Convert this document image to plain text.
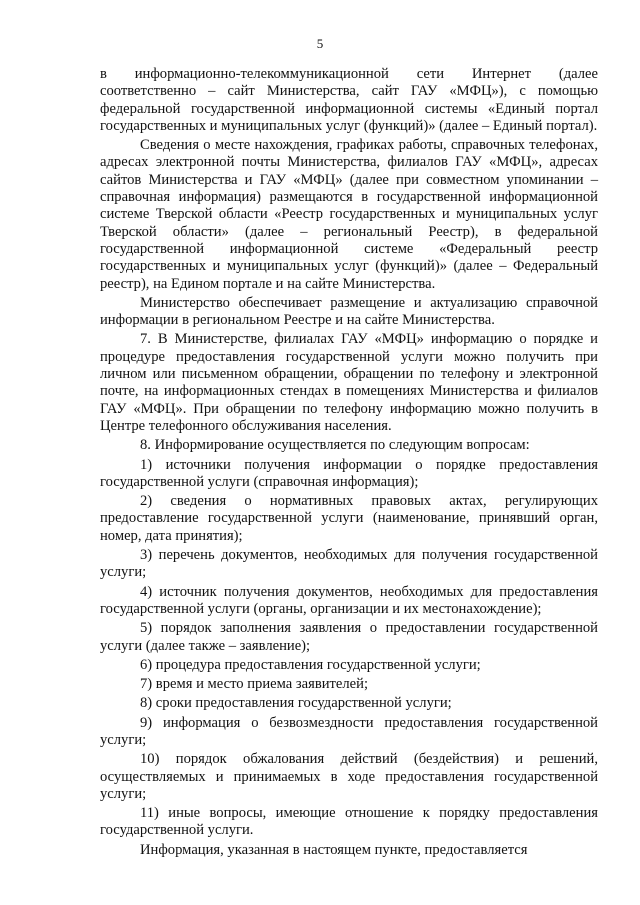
5

в информационно-телекоммуникационной сети Интернет (далее соответственно – сайт Министерства, сайт ГАУ «МФЦ»), с помощью федеральной государственной информационной системы «Единый портал государственных и муниципальных услуг (функций)» (далее – Единый портал).

Сведения о месте нахождения, графиках работы, справочных телефонах, адресах электронной почты Министерства, филиалов ГАУ «МФЦ», адресах сайтов Министерства и ГАУ «МФЦ» (далее при совместном упоминании – справочная информация) размещаются в государственной информационной системе Тверской области «Реестр государственных и муниципальных услуг Тверской области» (далее – региональный Реестр), в федеральной государственной информационной системе «Федеральный реестр государственных и муниципальных услуг (функций)» (далее – Федеральный реестр), на Едином портале и на сайте Министерства.

Министерство обеспечивает размещение и актуализацию справочной информации в региональном Реестре и на сайте Министерства.

7. В Министерстве, филиалах ГАУ «МФЦ» информацию о порядке и процедуре предоставления государственной услуги можно получить при личном или письменном обращении, обращении по телефону и электронной почте, на информационных стендах в помещениях Министерства и филиалов ГАУ «МФЦ». При обращении по телефону информацию можно получить в Центре телефонного обслуживания населения.

8. Информирование осуществляется по следующим вопросам:

1) источники получения информации о порядке предоставления государственной услуги (справочная информация);

2) сведения о нормативных правовых актах, регулирующих предоставление государственной услуги (наименование, принявший орган, номер, дата принятия);

3) перечень документов, необходимых для получения государственной услуги;

4) источник получения документов, необходимых для предоставления государственной услуги (органы, организации и их местонахождение);

5) порядок заполнения заявления о предоставлении государственной услуги (далее также – заявление);

6) процедура предоставления государственной услуги;

7) время и место приема заявителей;

8) сроки предоставления государственной услуги;

9) информация о безвозмездности предоставления государственной услуги;

10) порядок обжалования действий (бездействия) и решений, осуществляемых и принимаемых в ходе предоставления государственной услуги;

11) иные вопросы, имеющие отношение к порядку предоставления государственной услуги.

Информация, указанная в настоящем пункте, предоставляется
